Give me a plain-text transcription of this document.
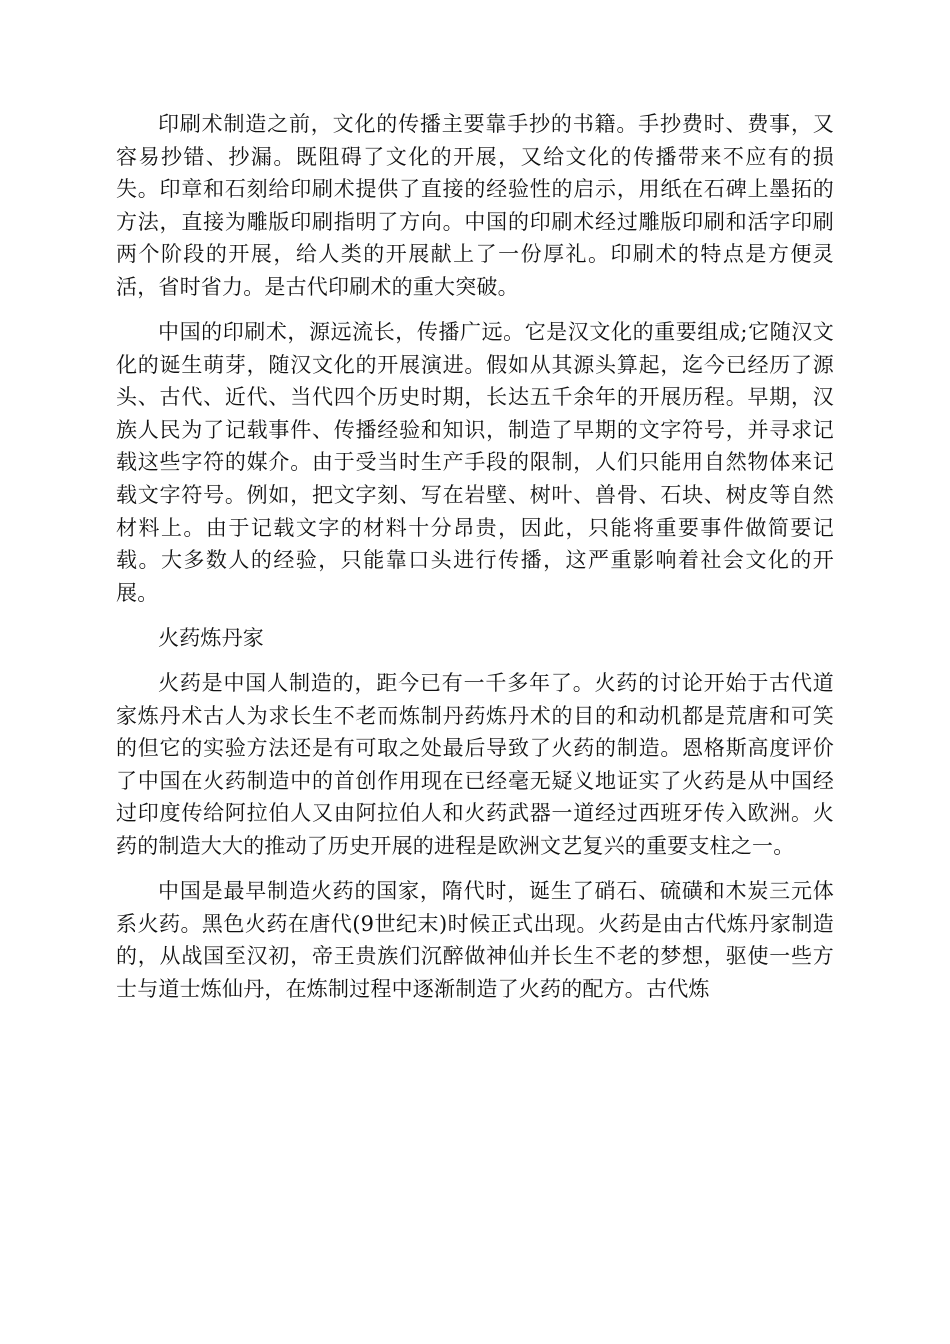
印刷术制造之前，文化的传播主要靠手抄的书籍。手抄费时、费事，又容易抄错、抄漏。既阻碍了文化的开展，又给文化的传播带来不应有的损失。印章和石刻给印刷术提供了直接的经验性的启示，用纸在石碑上墨拓的方法，直接为雕版印刷指明了方向。中国的印刷术经过雕版印刷和活字印刷两个阶段的开展，给人类的开展献上了一份厚礼。印刷术的特点是方便灵活，省时省力。是古代印刷术的重大突破。

中国的印刷术，源远流长，传播广远。它是汉文化的重要组成;它随汉文化的诞生萌芽，随汉文化的开展演进。假如从其源头算起，迄今已经历了源头、古代、近代、当代四个历史时期，长达五千余年的开展历程。早期，汉族人民为了记载事件、传播经验和知识，制造了早期的文字符号，并寻求记载这些字符的媒介。由于受当时生产手段的限制，人们只能用自然物体来记载文字符号。例如，把文字刻、写在岩壁、树叶、兽骨、石块、树皮等自然材料上。由于记载文字的材料十分昂贵，因此，只能将重要事件做简要记载。大多数人的经验，只能靠口头进行传播，这严重影响着社会文化的开展。

火药炼丹家

火药是中国人制造的，距今已有一千多年了。火药的讨论开始于古代道家炼丹术古人为求长生不老而炼制丹药炼丹术的目的和动机都是荒唐和可笑的但它的实验方法还是有可取之处最后导致了火药的制造。恩格斯高度评价了中国在火药制造中的首创作用现在已经毫无疑义地证实了火药是从中国经过印度传给阿拉伯人又由阿拉伯人和火药武器一道经过西班牙传入欧洲。火药的制造大大的推动了历史开展的进程是欧洲文艺复兴的重要支柱之一。

中国是最早制造火药的国家，隋代时，诞生了硝石、硫磺和木炭三元体系火药。黑色火药在唐代(9世纪末)时候正式出现。火药是由古代炼丹家制造的，从战国至汉初，帝王贵族们沉醉做神仙并长生不老的梦想，驱使一些方士与道士炼仙丹，在炼制过程中逐渐制造了火药的配方。古代炼
